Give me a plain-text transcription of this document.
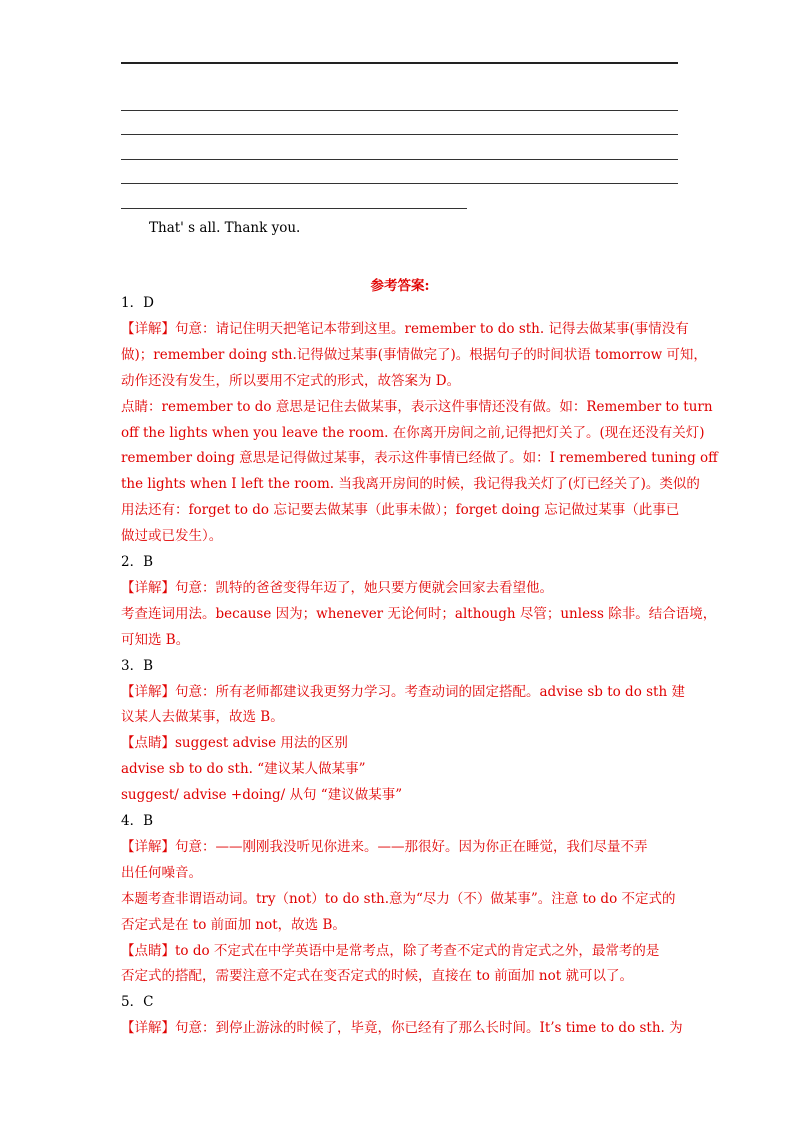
That' s all. Thank you.
参考答案:
1．D
【详解】句意：请记住明天把笔记本带到这里。remember to do sth. 记得去做某事(事情没有
做)；remember doing sth.记得做过某事(事情做完了)。根据句子的时间状语 tomorrow 可知，
动作还没有发生，所以要用不定式的形式，故答案为 D。
点睛：remember to do 意思是记住去做某事，表示这件事情还没有做。如：Remember to turn
off the lights when you leave the room. 在你离开房间之前,记得把灯关了。(现在还没有关灯)
remember doing 意思是记得做过某事，表示这件事情已经做了。如：I remembered tuning off
the lights when I left the room. 当我离开房间的时候，我记得我关灯了(灯已经关了)。类似的
用法还有：forget to do 忘记要去做某事（此事未做）；forget doing 忘记做过某事（此事已
做过或已发生）。
2．B
【详解】句意：凯特的爸爸变得年迈了，她只要方便就会回家去看望他。
考查连词用法。because 因为；whenever 无论何时；although 尽管；unless 除非。结合语境，
可知选 B。
3．B
【详解】句意：所有老师都建议我更努力学习。考查动词的固定搭配。advise sb to do sth 建
议某人去做某事，故选 B。
【点睛】suggest advise 用法的区别
advise sb to do sth. “建议某人做某事”
suggest/ advise +doing/ 从句 “建议做某事”
4．B
【详解】句意：——刚刚我没听见你进来。——那很好。因为你正在睡觉，我们尽量不弄
出任何噪音。
本题考查非谓语动词。try（not）to do sth.意为“尽力（不）做某事”。注意 to do 不定式的
否定式是在 to 前面加 not，故选 B。
【点睛】to do 不定式在中学英语中是常考点，除了考查不定式的肯定式之外，最常考的是
否定式的搭配，需要注意不定式在变否定式的时候，直接在 to 前面加 not 就可以了。
5．C
【详解】句意：到停止游泳的时候了，毕竟，你已经有了那么长时间。It’s time to do sth. 为
